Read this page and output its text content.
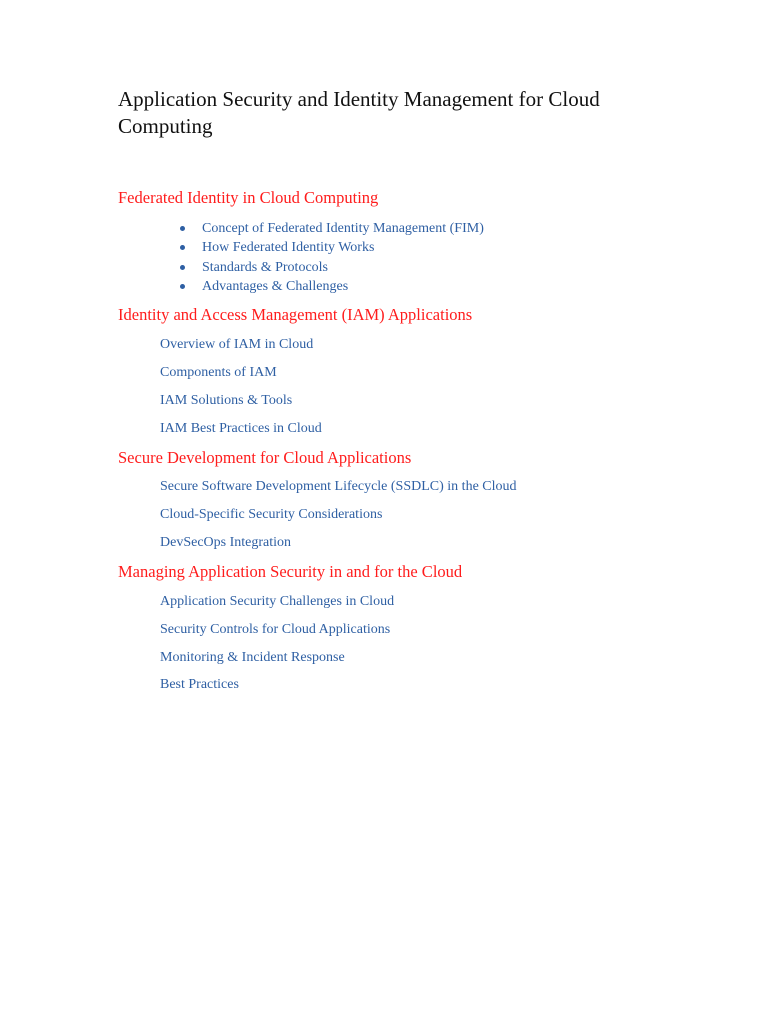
Application Security and Identity Management for Cloud Computing
Federated Identity in Cloud Computing
Concept of Federated Identity Management (FIM)
How Federated Identity Works
Standards & Protocols
Advantages & Challenges
Identity and Access Management (IAM) Applications

Overview of IAM in Cloud

Components of IAM

IAM Solutions & Tools

IAM Best Practices in Cloud

Secure Development for Cloud Applications

Secure Software Development Lifecycle (SSDLC) in the Cloud

Cloud-Specific Security Considerations

DevSecOps Integration

Managing Application Security in and for the Cloud

Application Security Challenges in Cloud

Security Controls for Cloud Applications

Monitoring & Incident Response

Best Practices
